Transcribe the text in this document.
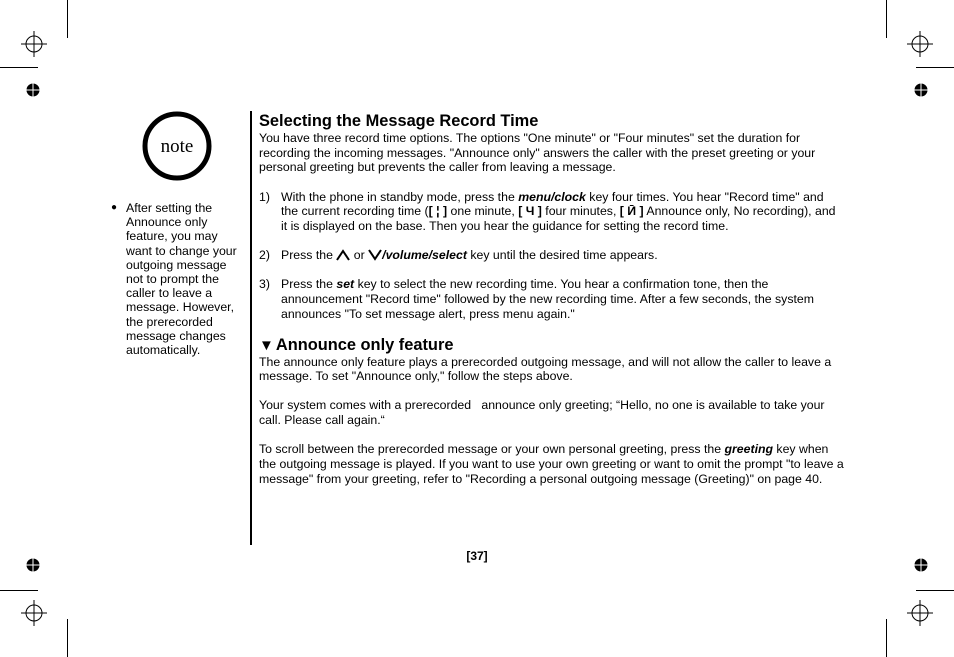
note
● After setting the Announce only feature, you may want to change your outgoing message not to prompt the caller to leave a message. However, the prerecorded message changes automatically.
Selecting the Message Record Time

You have three record time options. The options "One minute" or "Four minutes" set the duration for recording the incoming messages. "Announce only" answers the caller with the preset greeting or your personal greeting but prevents the caller from leaving a message.

1) With the phone in standby mode, press the menu/clock key four times. You hear "Record time" and the current recording time ([ ¦ ] one minute, [ Ч ] four minutes, [ Ӣ ] Announce only, No recording), and it is displayed on the base. Then you hear the guidance for setting the record time.
2) Press the  or /volume/select key until the desired time appears.
3) Press the set key to select the new recording time. You hear a confirmation tone, then the announcement "Record time" followed by the new recording time. After a few seconds, the system announces "To set message alert, press menu again."
▼ Announce only feature

The announce only feature plays a prerecorded outgoing message, and will not allow the caller to leave a message. To set "Announce only," follow the steps above.

Your system comes with a prerecorded   announce only greeting; “Hello, no one is available to take your call. Please call again.“

To scroll between the prerecorded message or your own personal greeting, press the greeting key when the outgoing message is played. If you want to use your own greeting or want to omit the prompt "to leave a message" from your greeting, refer to "Recording a personal outgoing message (Greeting)" on page 40.

[37]
